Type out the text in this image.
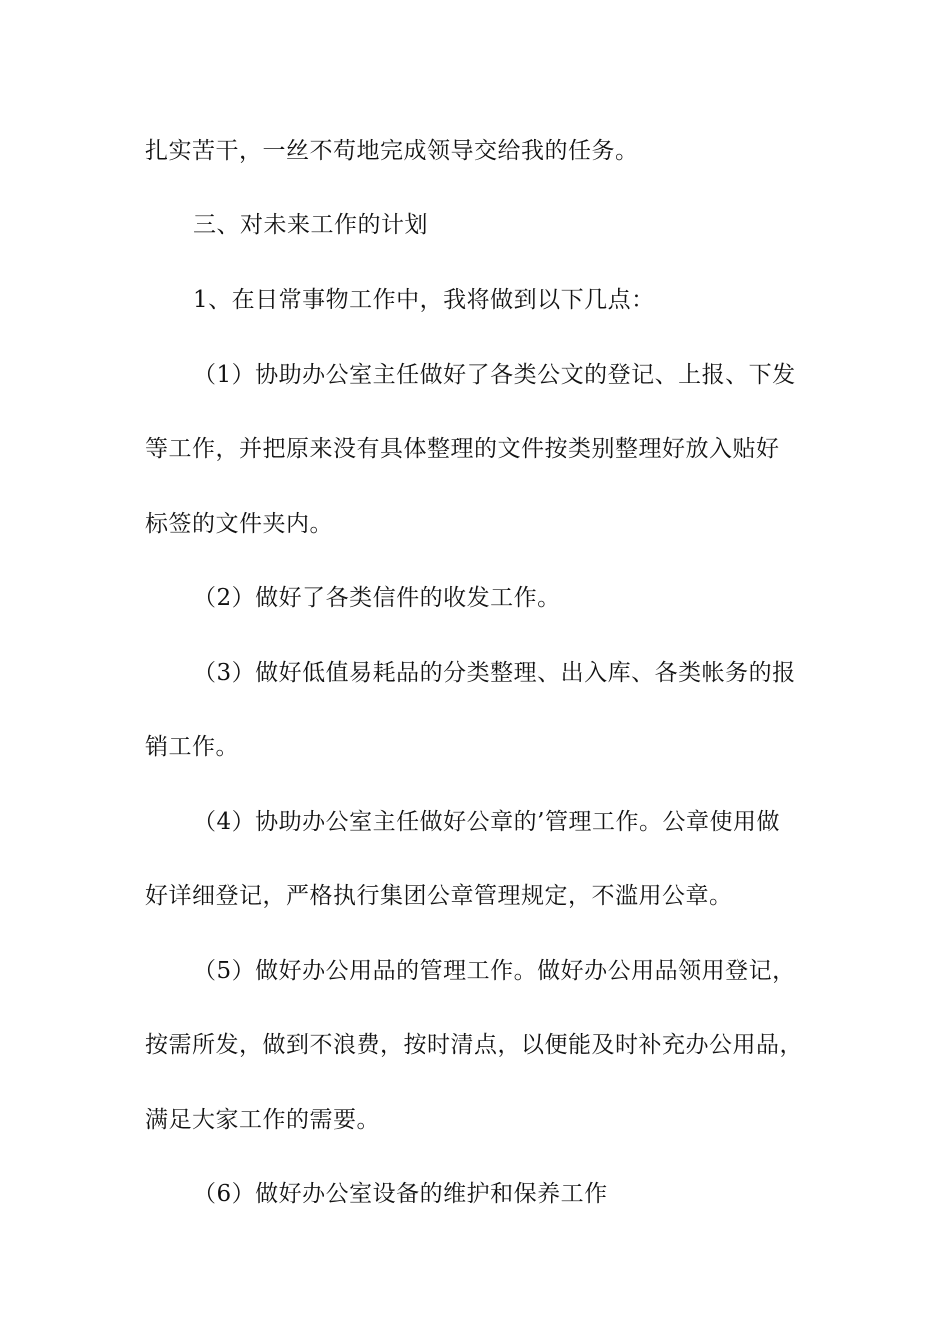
扎实苦干，一丝不苟地完成领导交给我的任务。
三、对未来工作的计划
1、在日常事物工作中，我将做到以下几点：
（1）协助办公室主任做好了各类公文的登记、上报、下发
等工作，并把原来没有具体整理的文件按类别整理好放入贴好
标签的文件夹内。
（2）做好了各类信件的收发工作。
（3）做好低值易耗品的分类整理、出入库、各类帐务的报
销工作。
（4）协助办公室主任做好公章的’管理工作。公章使用做
好详细登记，严格执行集团公章管理规定，不滥用公章。
（5）做好办公用品的管理工作。做好办公用品领用登记，
按需所发，做到不浪费，按时清点，以便能及时补充办公用品，
满足大家工作的需要。
（6）做好办公室设备的维护和保养工作
